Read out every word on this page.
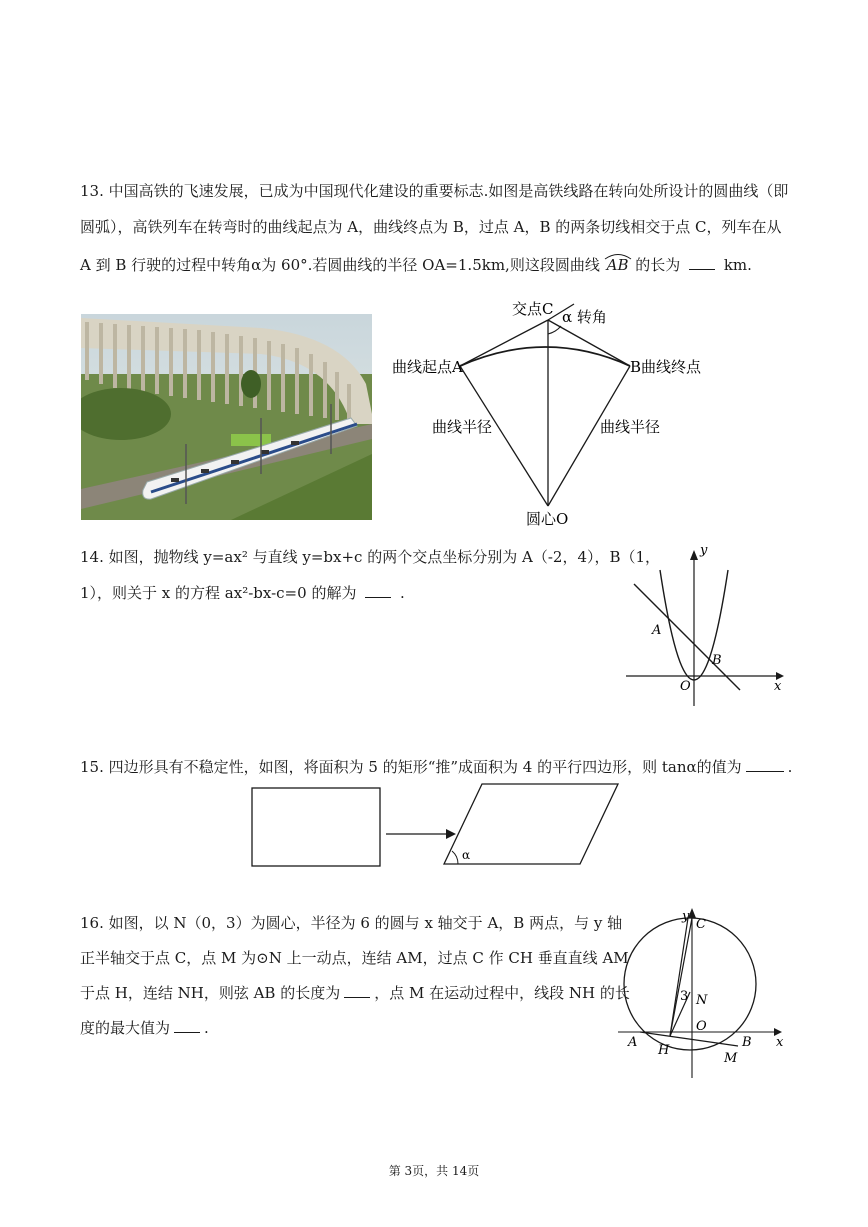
13. 中国高铁的飞速发展，已成为中国现代化建设的重要标志.如图是高铁线路在转向处所设计的圆曲线（即
圆弧），高铁列车在转弯时的曲线起点为 A，曲线终点为 B，过点 A，B 的两条切线相交于点 C，列车在从
A 到 B 行驶的过程中转角α为 60°.若圆曲线的半径 OA=1.5km,则这段圆曲线 AB 的长为	km.
交点C α 转角
曲线起点A	B曲线终点
曲线半径	曲线半径
圆心O
14. 如图，抛物线 y=ax² 与直线 y=bx+c 的两个交点坐标分别为 A（-2，4），B（1，
1），则关于 x 的方程 ax²-bx-c=0 的解为	.
y
x
O
A
B
15. 四边形具有不稳定性，如图，将面积为 5 的矩形“推”成面积为 4 的平行四边形，则 tanα的值为	.
α
16. 如图，以 N（0，3）为圆心，半径为 6 的圆与 x 轴交于 A，B 两点，与 y 轴
正半轴交于点 C，点 M 为⊙N 上一动点，连结 AM，过点 C 作 CH 垂直直线 AM
于点 H，连结 NH，则弦 AB 的长度为 ，点 M 在运动过程中，线段 NH 的长
度的最大值为 .
C
y
N
3
O
x
A	B
H
M
第 3页，共 14页
